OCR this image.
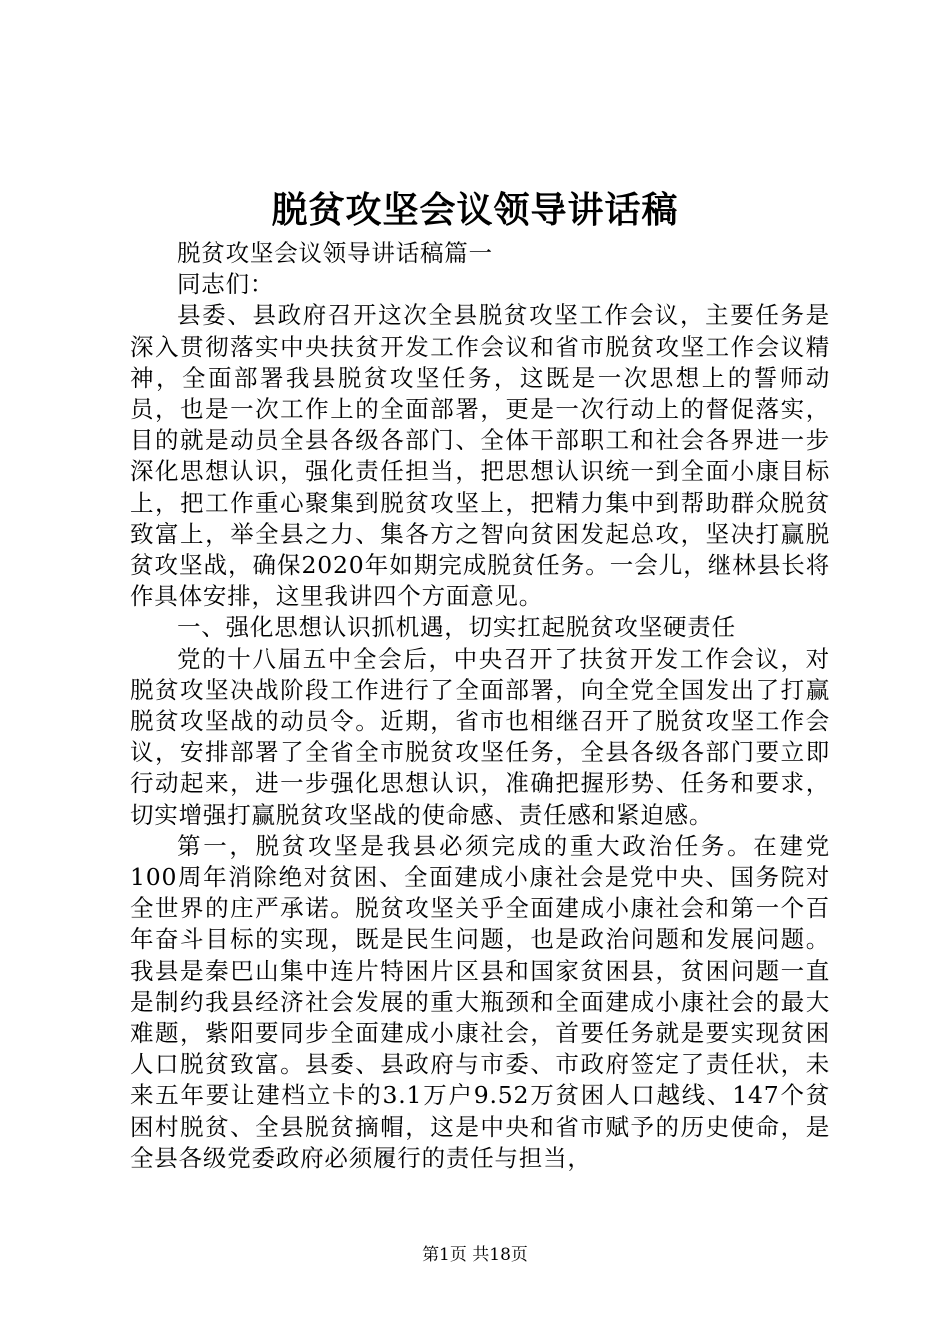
脱贫攻坚会议领导讲话稿

脱贫攻坚会议领导讲话稿篇一

同志们：

县委、县政府召开这次全县脱贫攻坚工作会议，主要任务是深入贯彻落实中央扶贫开发工作会议和省市脱贫攻坚工作会议精神，全面部署我县脱贫攻坚任务，这既是一次思想上的誓师动员，也是一次工作上的全面部署，更是一次行动上的督促落实，目的就是动员全县各级各部门、全体干部职工和社会各界进一步深化思想认识，强化责任担当，把思想认识统一到全面小康目标上，把工作重心聚集到脱贫攻坚上，把精力集中到帮助群众脱贫致富上，举全县之力、集各方之智向贫困发起总攻，坚决打赢脱贫攻坚战，确保2020年如期完成脱贫任务。一会儿，继林县长将作具体安排，这里我讲四个方面意见。

一、强化思想认识抓机遇，切实扛起脱贫攻坚硬责任

党的十八届五中全会后，中央召开了扶贫开发工作会议，对脱贫攻坚决战阶段工作进行了全面部署，向全党全国发出了打赢脱贫攻坚战的动员令。近期，省市也相继召开了脱贫攻坚工作会议，安排部署了全省全市脱贫攻坚任务，全县各级各部门要立即行动起来，进一步强化思想认识，准确把握形势、任务和要求，切实增强打赢脱贫攻坚战的使命感、责任感和紧迫感。

第一，脱贫攻坚是我县必须完成的重大政治任务。在建党100周年消除绝对贫困、全面建成小康社会是党中央、国务院对全世界的庄严承诺。脱贫攻坚关乎全面建成小康社会和第一个百年奋斗目标的实现，既是民生问题，也是政治问题和发展问题。我县是秦巴山集中连片特困片区县和国家贫困县，贫困问题一直是制约我县经济社会发展的重大瓶颈和全面建成小康社会的最大难题，紫阳要同步全面建成小康社会，首要任务就是要实现贫困人口脱贫致富。县委、县政府与市委、市政府签定了责任状，未来五年要让建档立卡的3.1万户9.52万贫困人口越线、147个贫困村脱贫、全县脱贫摘帽，这是中央和省市赋予的历史使命，是全县各级党委政府必须履行的责任与担当，

第1页 共18页
